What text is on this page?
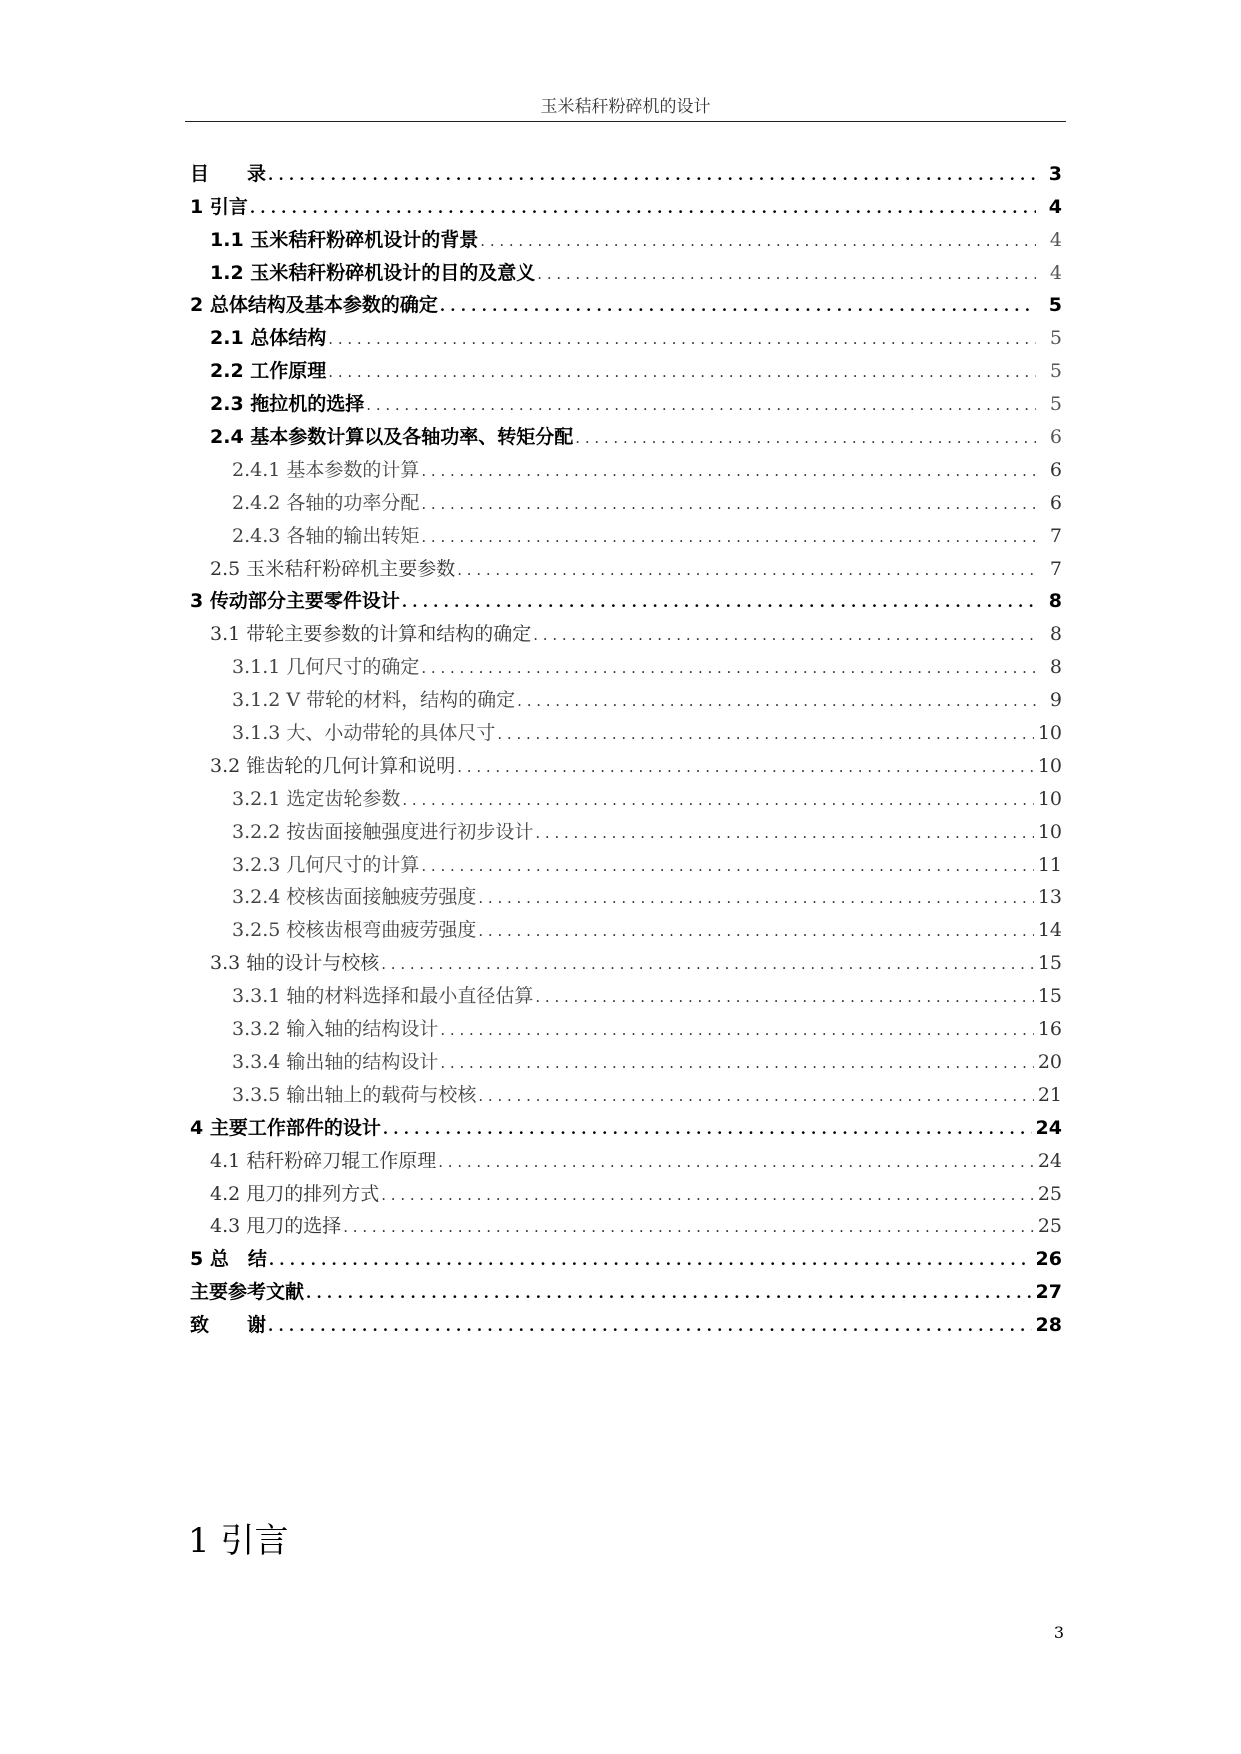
玉米秸秆粉碎机的设计
目　　录 . . .	3
1 引言 . . .	4
1.1 玉米秸秆粉碎机设计的背景 . . .	4
1.2 玉米秸秆粉碎机设计的目的及意义 . . .	4
2 总体结构及基本参数的确定 . . .	5
2.1 总体结构 . . .	5
2.2 工作原理 . . .	5
2.3 拖拉机的选择 . . .	5
2.4 基本参数计算以及各轴功率、转矩分配 . . .	6
2.4.1 基本参数的计算 . . .	6
2.4.2 各轴的功率分配 . . .	6
2.4.3 各轴的输出转矩 . . .	7
2.5 玉米秸秆粉碎机主要参数 . . .	7
3 传动部分主要零件设计 . . .	8
3.1 带轮主要参数的计算和结构的确定 . . .	8
3.1.1 几何尺寸的确定 . . .	8
3.1.2 V 带轮的材料，结构的确定 . . .	9
3.1.3 大、小动带轮的具体尺寸 . . .	10
3.2 锥齿轮的几何计算和说明 . . .	10
3.2.1 选定齿轮参数 . . .	10
3.2.2 按齿面接触强度进行初步设计 . . .	10
3.2.3 几何尺寸的计算 . . .	11
3.2.4 校核齿面接触疲劳强度 . . .	13
3.2.5 校核齿根弯曲疲劳强度 . . .	14
3.3 轴的设计与校核 . . .	15
3.3.1 轴的材料选择和最小直径估算 . . .	15
3.3.2 输入轴的结构设计 . . .	16
3.3.4 输出轴的结构设计 . . .	20
3.3.5 输出轴上的载荷与校核 . . .	21
4 主要工作部件的设计 . . .	24
4.1 秸秆粉碎刀辊工作原理 . . .	24
4.2 甩刀的排列方式 . . .	25
4.3 甩刀的选择 . . .	25
5 总　结 . . .	26
主要参考文献 . . .	27
致　　谢 . . .	28
1 引言
3
